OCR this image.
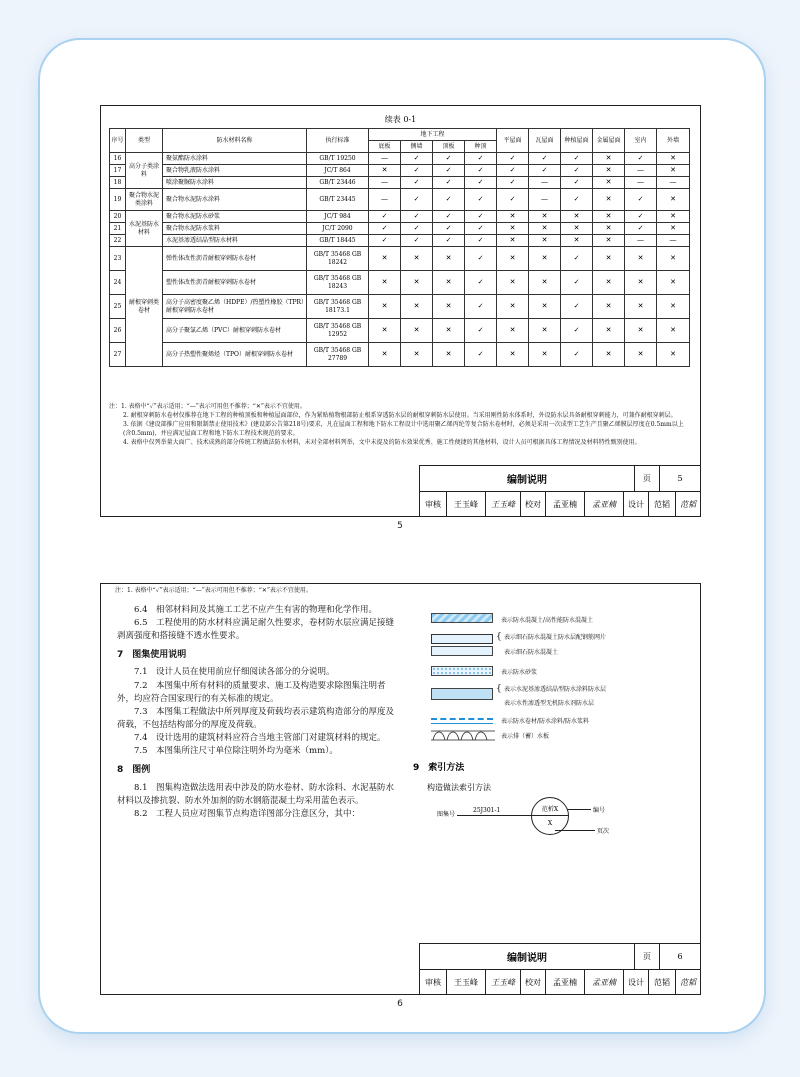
续表 0-1
序号	类型	防水材料名称	执行标准	地下工程				平屋面	瓦屋面	种植屋面	金属屋面	室内	外墙
				底板	侧墙	顶板	种顶						
16	高分子类涂料	聚氨酯防水涂料	GB/T 19250	—	✓	✓	✓	✓	✓	✓	✕	✓	✕
17		聚合物乳液防水涂料	JC/T 864	✕	✓	✓	✓	✓	✓	✓	✕	—	✕
18		喷涂聚脲防水涂料	GB/T 23446	—	✓	✓	✓	✓	—	✓	✕	—	—
19	聚合物水泥类涂料	聚合物水泥防水涂料	GB/T 23445	—	✓	✓	✓	✓	—	✓	✕	✓	✕
20	水泥基防水材料	聚合物水泥防水砂浆	JC/T 984	✓	✓	✓	✓	✕	✕	✕	✕	✓	✕
21		聚合物水泥防水浆料	JC/T 2090	✓	✓	✓	✓	✕	✕	✕	✕	✓	✕
22		水泥基渗透结晶型防水材料	GB/T 18445	✓	✓	✓	✓	✕	✕	✕	✕	—	—
23	耐根穿刺类卷材	弹性体改性沥青耐根穿刺防水卷材	GB/T 35468 GB 18242	✕	✕	✕	✓	✕	✕	✓	✕	✕	✕
24		塑性体改性沥青耐根穿刺防水卷材	GB/T 35468 GB 18243	✕	✕	✕	✓	✕	✕	✓	✕	✕	✕
25		高分子高密度聚乙烯（HDPE）/热塑性橡胶（TPR）耐根穿刺防水卷材	GB/T 35468 GB 18173.1	✕	✕	✕	✓	✕	✕	✓	✕	✕	✕
26		高分子聚氯乙烯（PVC）耐根穿刺防水卷材	GB/T 35468 GB 12952	✕	✕	✕	✓	✕	✕	✓	✕	✕	✕
27		高分子热塑性聚烯烃（TPO）耐根穿刺防水卷材	GB/T 35468 GB 27789	✕	✕	✕	✓	✕	✕	✓	✕	✕	✕

注：1. 表格中“✓”表示适用；“—”表示可用但不推荐；“✕”表示不宜使用。

2. 耐根穿刺防水卷材仅推荐在地下工程的种植顶板和种植屋面部位，作为紧贴植物根部防止根系穿透防水层的耐根穿刺防水层使用。当采用刚性防水体系时，外设防水层具备耐根穿刺能力，可兼作耐根穿刺层。

3. 依据《建设部推广应用和限制禁止使用技术》(建设部公告第218号)要求，凡在屋面工程和地下防水工程设计中选用聚乙烯丙纶等复合防水卷材时，必须是采用一次成型工艺生产且聚乙烯膜层厚度在0.5mm以上(含0.5mm)，并应满足屋面工程和地下防水工程技术规范的要求。

4. 表格中仅列举量大面广、技术成熟的部分传统工程做法防水材料，未对全部材料列举，文中未提及的防水效果优秀、施工性便捷的其他材料，设计人员可根据具体工程情况及材料特性甄别使用。

编制说明	页	5
审核	王玉峰	王玉峰	校对	孟亚楠	孟亚楠	设计	范韬	范韬
5

注：1. 表格中“✓”表示适用；“—”表示可用但不推荐；“✕”表示不宜使用。

6.4　相邻材料间及其施工工艺不应产生有害的物理和化学作用。

6.5　工程使用的防水材料应满足耐久性要求，卷材防水层应满足接缝剥离强度和搭接缝不透水性要求。

7　图集使用说明

7.1　设计人员在使用前应仔细阅读各部分的分说明。

7.2　本图集中所有材料的质量要求、施工及构造要求除图集注明者外，均应符合国家现行的有关标准的规定。

7.3　本图集工程做法中所列厚度及荷载均表示建筑构造部分的厚度及荷载，不包括结构部分的厚度及荷载。

7.4　设计选用的建筑材料应符合当地主管部门对建筑材料的规定。

7.5　本图集所注尺寸单位除注明外均为毫米（mm）。

8　图例

8.1　图集构造做法选用表中涉及的防水卷材、防水涂料、水泥基防水材料以及掺抗裂、防水外加剂的防水钢筋混凝土均采用蓝色表示。

8.2　工程人员应对图集节点构造详图部分注意区分，其中：

表示防水混凝土/高性能防水混凝土
{ 表示细石防水混凝土防水层配钢筋网片
表示细石防水混凝土
表示防水砂浆
{ 表示水泥基渗透结晶型防水涂料防水层
表示水性渗透型无机防水剂防水层
表示防水卷材/防水涂料/防水浆料
表示排（蓄）水板
9　索引方法
构造做法索引方法
图集号
25J301-1	范析X
X
编号
页次
编制说明	页	6
审核	王玉峰	王玉峰	校对	孟亚楠	孟亚楠	设计	范韬	范韬
6
